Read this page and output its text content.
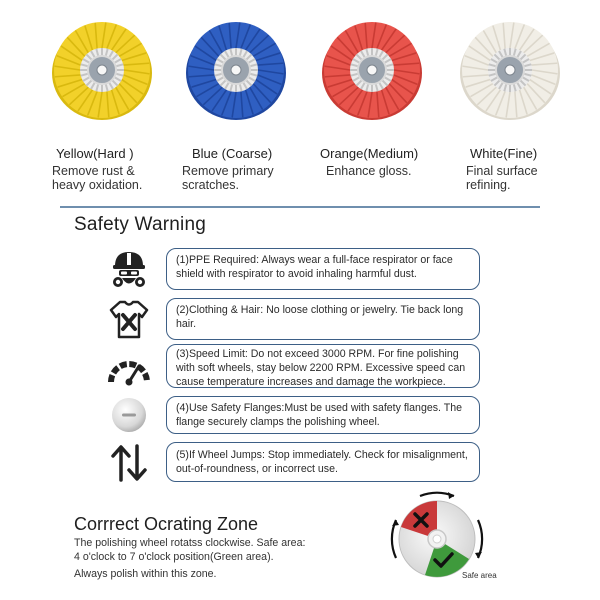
Yellow(Hard )
Remove rust &
heavy oxidation.
Blue (Coarse)
Remove primary
scratches.
Orange(Medium)
Enhance gloss.
White(Fine)
Final surface
refining.
Safety Warning
(1)PPE Required: Always wear a full-face respirator or face shield with respirator to avoid inhaling harmful dust.
(2)Clothing & Hair: No loose clothing or jewelry. Tie back long hair.
(3)Speed Limit: Do not exceed 3000 RPM. For fine polishing with soft wheels, stay below 2200 RPM. Excessive speed can cause temperature increases and damage the workpiece.
(4)Use Safety Flanges:Must be used with safety flanges. The flange securely clamps the polishing wheel.
(5)If Wheel Jumps: Stop immediately. Check for misalignment, out-of-roundness, or incorrect use.
Corrrect Ocrating Zone
The polishing wheel rotatss clockwise. Safe areа:
4 o'clock to 7 o'clock position(Green area).
Always polish within this zone.	Safe area
